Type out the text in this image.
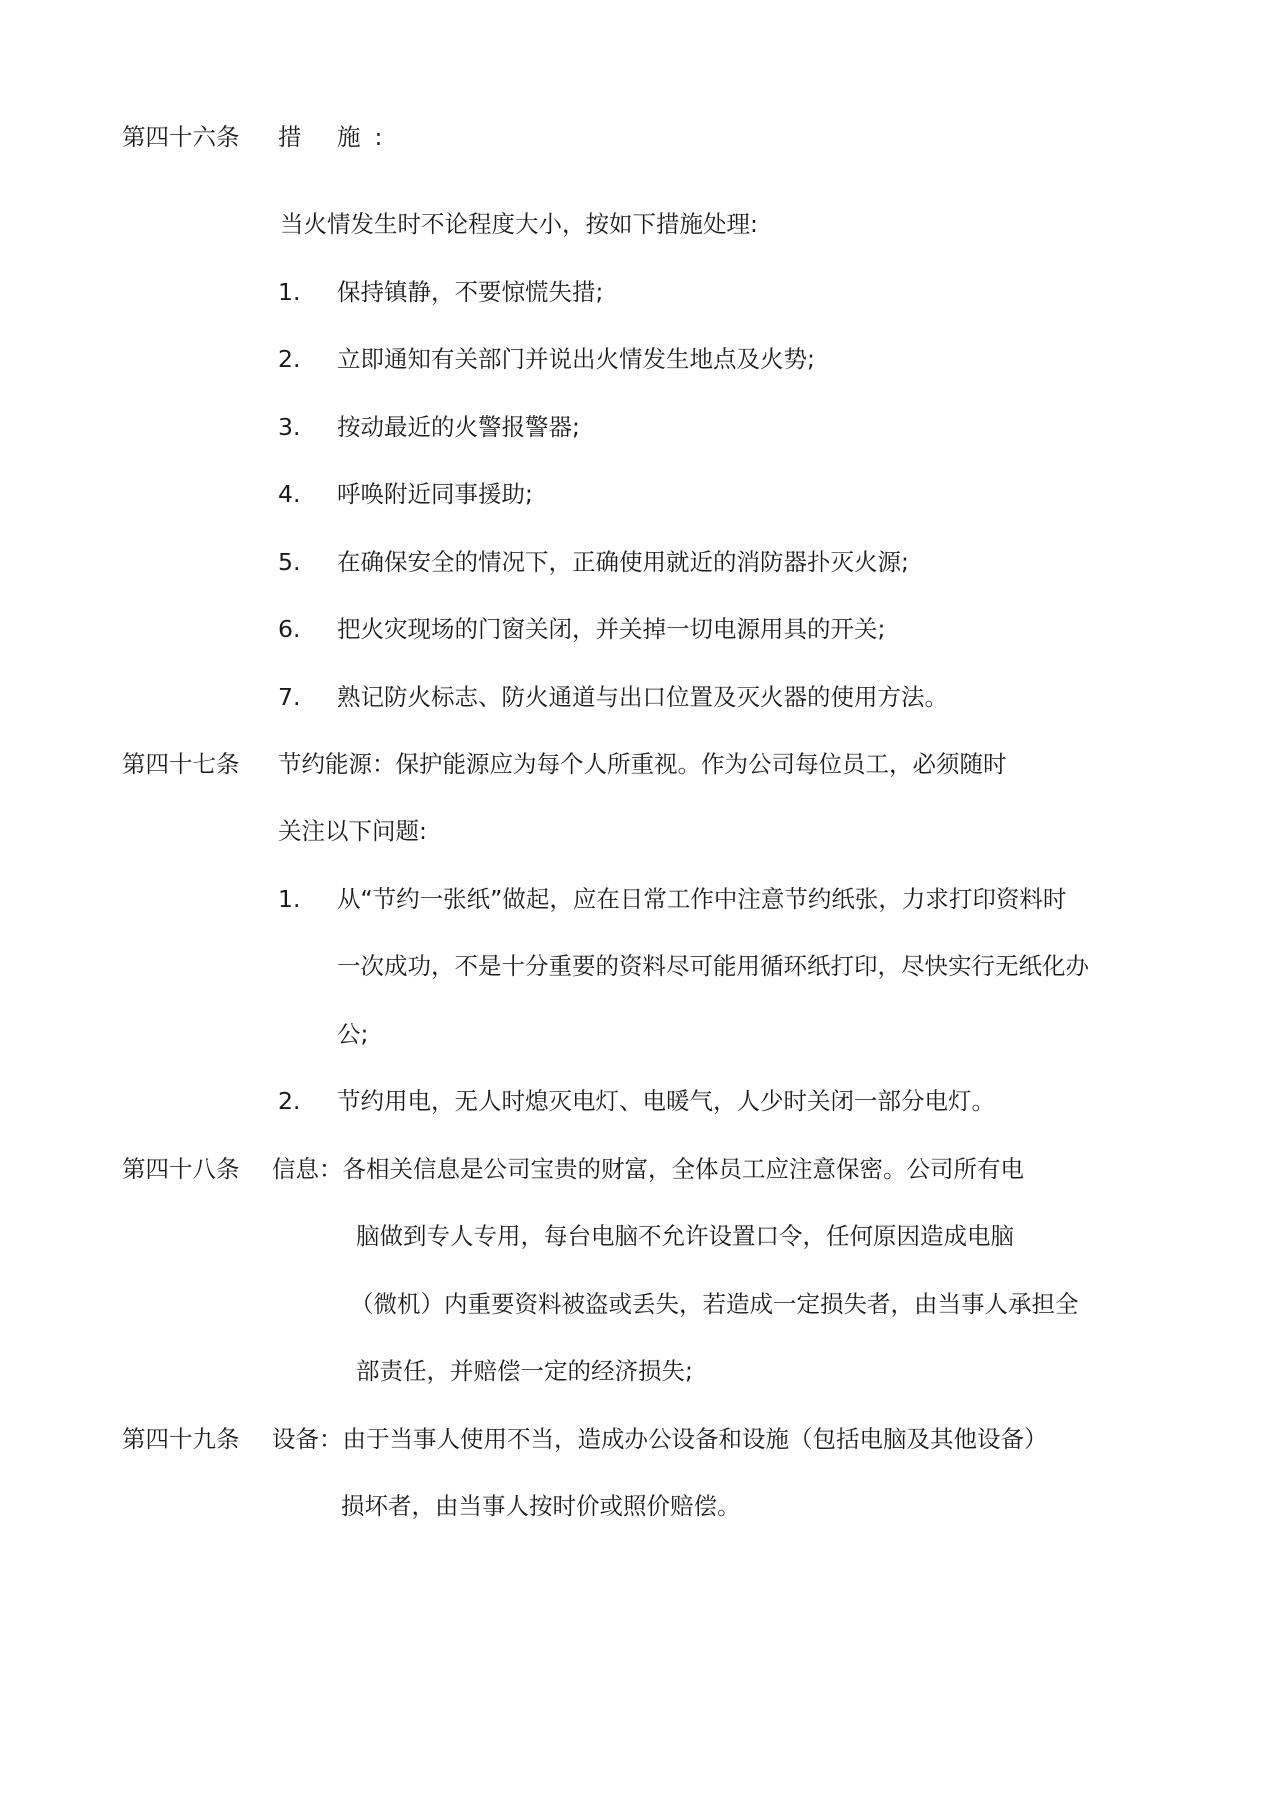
第四十六条 措 施:
当火情发生时不论程度大小，按如下措施处理:
1. 保持镇静，不要惊慌失措;
2. 立即通知有关部门并说出火情发生地点及火势;
3. 按动最近的火警报警器;
4. 呼唤附近同事援助;
5. 在确保安全的情况下，正确使用就近的消防器扑灭火源;
6. 把火灾现场的门窗关闭，并关掉一切电源用具的开关;
7. 熟记防火标志、防火通道与出口位置及灭火器的使用方法。
第四十七条 节约能源：保护能源应为每个人所重视。作为公司每位员工，必须随时
关注以下问题:
1. 从“节约一张纸”做起，应在日常工作中注意节约纸张，力求打印资料时
一次成功，不是十分重要的资料尽可能用循环纸打印，尽快实行无纸化办
公;
2. 节约用电，无人时熄灭电灯、电暖气，人少时关闭一部分电灯。
第四十八条 信息：各相关信息是公司宝贵的财富，全体员工应注意保密。公司所有电
脑做到专人专用，每台电脑不允许设置口令，任何原因造成电脑
（微机）内重要资料被盗或丢失，若造成一定损失者，由当事人承担全
部责任，并赔偿一定的经济损失;
第四十九条 设备：由于当事人使用不当，造成办公设备和设施（包括电脑及其他设备）
损坏者，由当事人按时价或照价赔偿。
